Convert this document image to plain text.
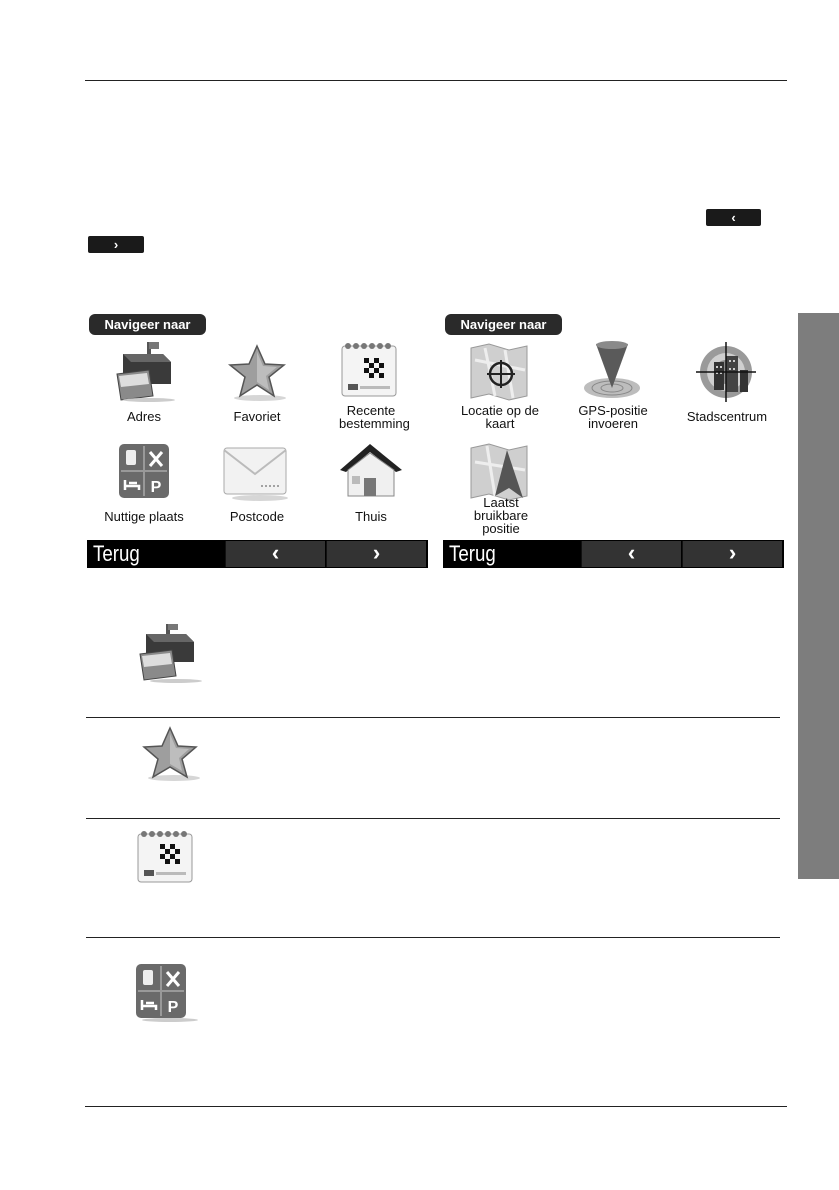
‹
›
Navigeer naar
Adres	Favoriet	Recente bestemming
P
Nuttige plaats	Postcode	Thuis
Terug	‹	›
Navigeer naar
Locatie op de kaart
GPS-positie invoeren	Stadscentrum
Laatst bruikbare positie
Terug	‹	›
P
